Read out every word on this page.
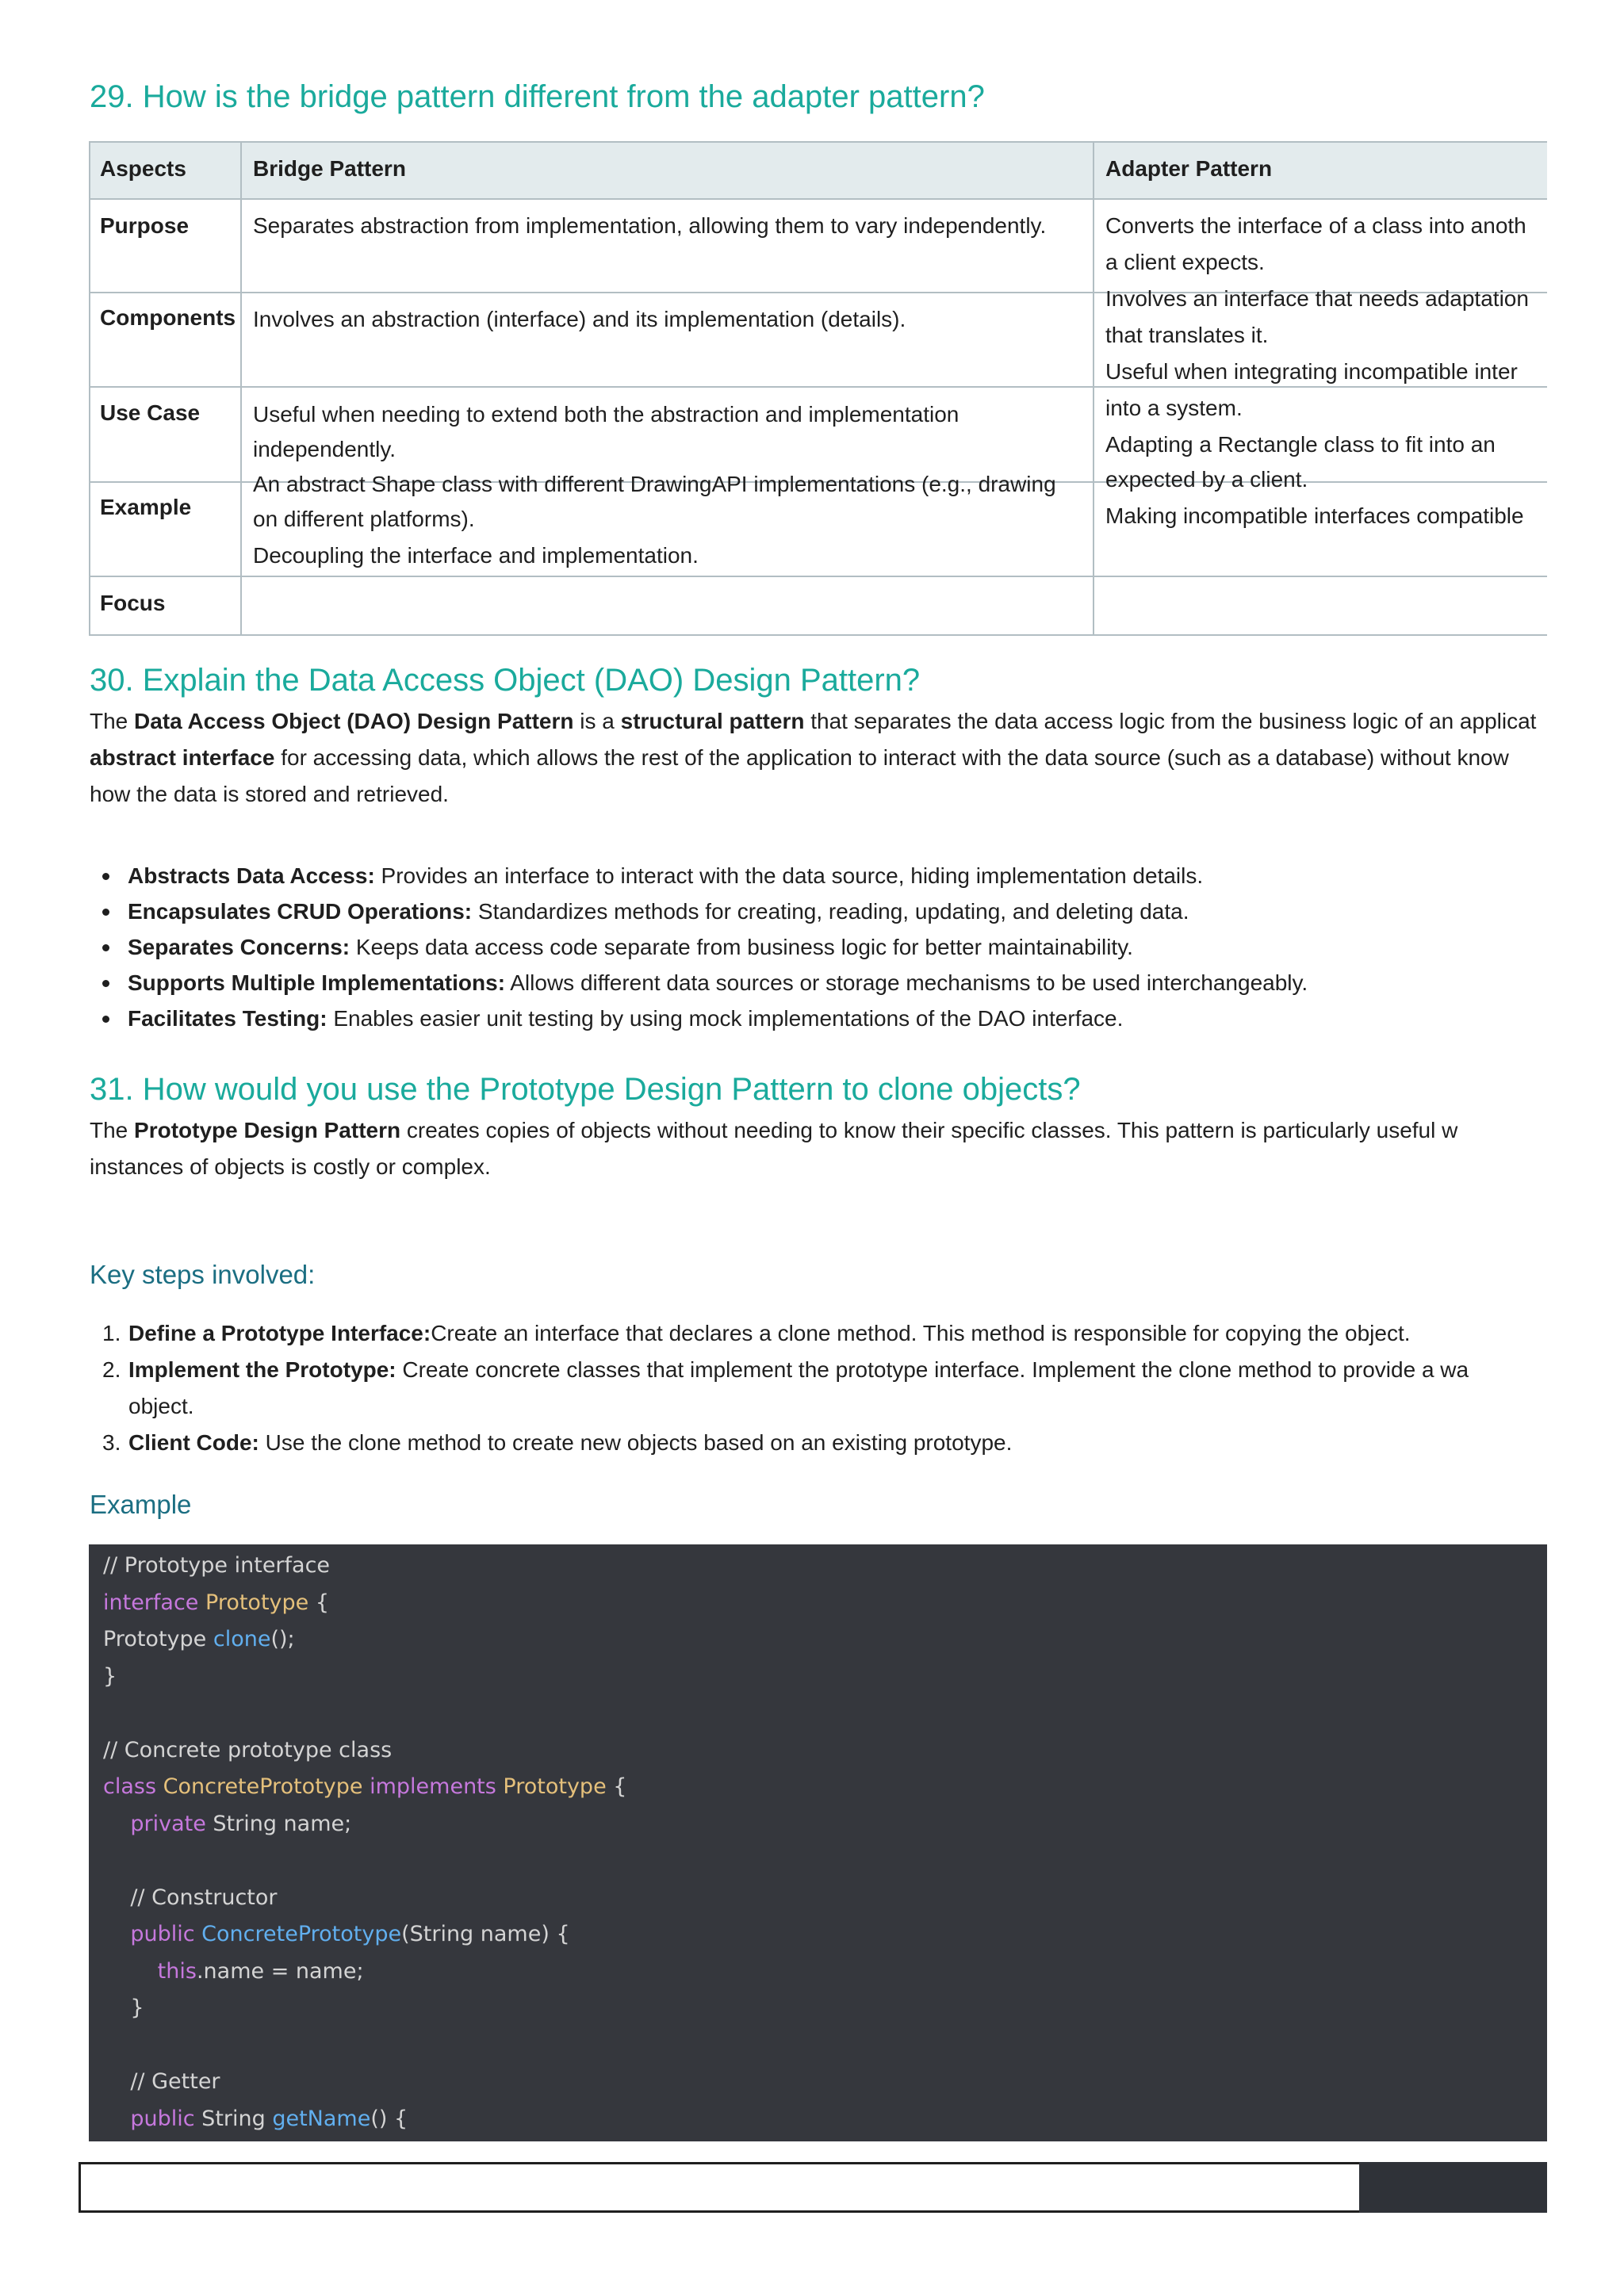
29. How is the bridge pattern different from the adapter pattern?
Aspects	Bridge Pattern	Adapter Pattern
Purpose
Components
Use Case
Example
Focus
Separates abstraction from implementation, allowing them to vary independently.
Involves an abstraction (interface) and its implementation (details).
Useful when needing to extend both the abstraction and implementation
independently.
An abstract Shape class with different DrawingAPI implementations (e.g., drawing
on different platforms).
Decoupling the interface and implementation.
Converts the interface of a class into anoth
a client expects.
Involves an interface that needs adaptation
that translates it.
Useful when integrating incompatible inter
into a system.
Adapting a Rectangle class to fit into an
expected by a client.
Making incompatible interfaces compatible
30. Explain the Data Access Object (DAO) Design Pattern?
The Data Access Object (DAO) Design Pattern is a structural pattern that separates the data access logic from the business logic of an applicat
abstract interface for accessing data, which allows the rest of the application to interact with the data source (such as a database) without know
how the data is stored and retrieved.
Abstracts Data Access: Provides an interface to interact with the data source, hiding implementation details.
Encapsulates CRUD Operations: Standardizes methods for creating, reading, updating, and deleting data.
Separates Concerns: Keeps data access code separate from business logic for better maintainability.
Supports Multiple Implementations: Allows different data sources or storage mechanisms to be used interchangeably.
Facilitates Testing: Enables easier unit testing by using mock implementations of the DAO interface.
31. How would you use the Prototype Design Pattern to clone objects?
The Prototype Design Pattern creates copies of objects without needing to know their specific classes. This pattern is particularly useful w
instances of objects is costly or complex.
Key steps involved:
1. Define a Prototype Interface:Create an interface that declares a clone method. This method is responsible for copying the object.
2. Implement the Prototype: Create concrete classes that implement the prototype interface. Implement the clone method to provide a wa
object.
3. Client Code: Use the clone method to create new objects based on an existing prototype.
Example
// Prototype interface
interface Prototype {
Prototype clone();
}
// Concrete prototype class
class ConcretePrototype implements Prototype {
private String name;
// Constructor
public ConcretePrototype(String name) {
this.name = name;
}
// Getter
public String getName() {
